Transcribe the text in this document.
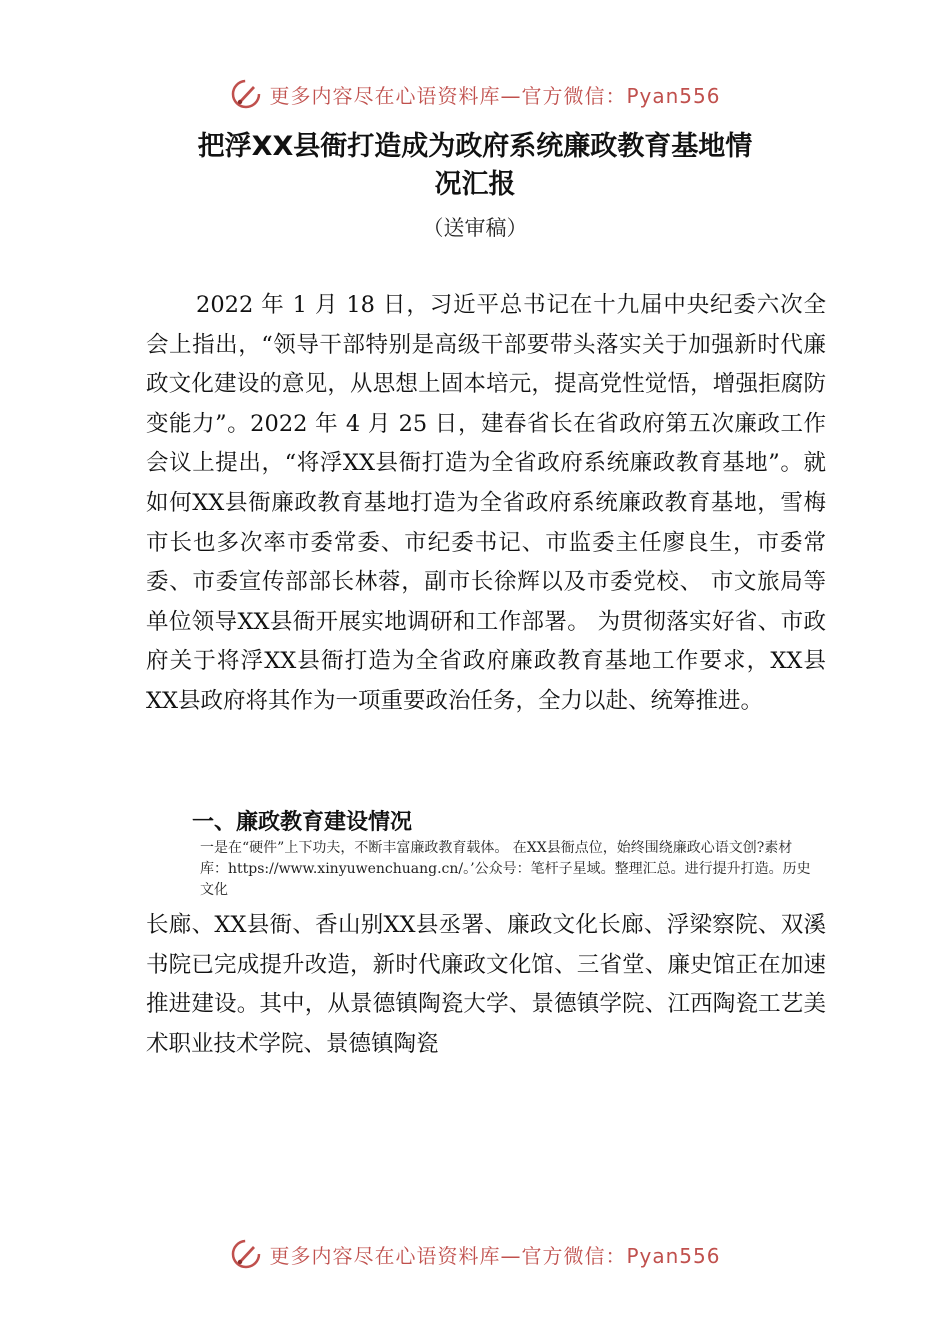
更多内容尽在心语资料库—官方微信：Pyan556
把浮XX县衙打造成为政府系统廉政教育基地情
况汇报
（送审稿）

2022 年 1 月 18 日，习近平总书记在十九届中央纪委六次全会上指出，“领导干部特别是高级干部要带头落实关于加强新时代廉政文化建设的意见，从思想上固本培元，提高党性觉悟，增强拒腐防变能力”。2022 年 4 月 25 日，建春省长在省政府第五次廉政工作会议上提出，“将浮XX县衙打造为全省政府系统廉政教育基地”。就如何XX县衙廉政教育基地打造为全省政府系统廉政教育基地，雪梅市长也多次率市委常委、市纪委书记、市监委主任廖良生，市委常委、市委宣传部部长林蓉，副市长徐辉以及市委党校、 市文旅局等单位领导XX县衙开展实地调研和工作部署。 为贯彻落实好省、市政府关于将浮XX县衙打造为全省政府廉政教育基地工作要求，XX县XX县政府将其作为一项重要政治任务，全力以赴、统筹推进。

一、廉政教育建设情况

一是在“硬件”上下功夫，不断丰富廉政教育载体。 在XX县衙点位，始终围绕廉政心语文创?素材库：https://www.xinyuwenchuang.cn/。’公众号：笔杆子星域。整理汇总。进行提升打造。历史文化

长廊、XX县衙、香山别XX县丞署、廉政文化长廊、浮梁察院、双溪书院已完成提升改造，新时代廉政文化馆、三省堂、廉史馆正在加速推进建设。其中，从景德镇陶瓷大学、景德镇学院、江西陶瓷工艺美术职业技术学院、景德镇陶瓷

更多内容尽在心语资料库—官方微信：Pyan556
